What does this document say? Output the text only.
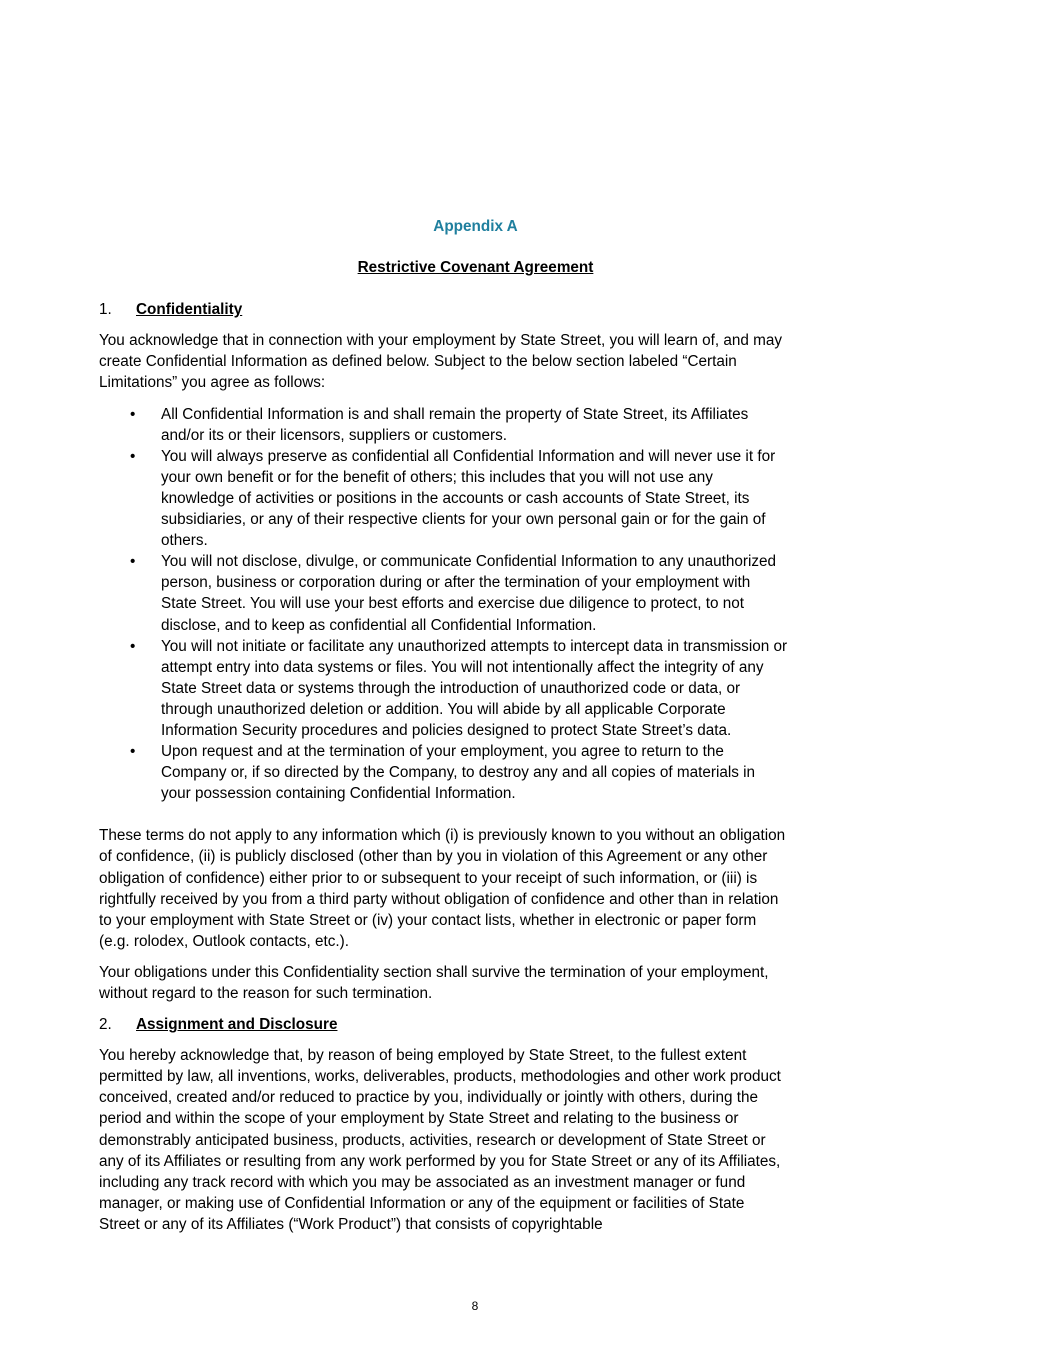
Appendix A
Restrictive Covenant Agreement
1. Confidentiality

You acknowledge that in connection with your employment by State Street, you will learn of, and may create Confidential Information as defined below. Subject to the below section labeled “Certain Limitations” you agree as follows:

• All Confidential Information is and shall remain the property of State Street, its Affiliates and/or its or their licensors, suppliers or customers.
• You will always preserve as confidential all Confidential Information and will never use it for your own benefit or for the benefit of others; this includes that you will not use any knowledge of activities or positions in the accounts or cash accounts of State Street, its subsidiaries, or any of their respective clients for your own personal gain or for the gain of others.
• You will not disclose, divulge, or communicate Confidential Information to any unauthorized person, business or corporation during or after the termination of your employment with State Street. You will use your best efforts and exercise due diligence to protect, to not disclose, and to keep as confidential all Confidential Information.
• You will not initiate or facilitate any unauthorized attempts to intercept data in transmission or attempt entry into data systems or files. You will not intentionally affect the integrity of any State Street data or systems through the introduction of unauthorized code or data, or through unauthorized deletion or addition. You will abide by all applicable Corporate Information Security procedures and policies designed to protect State Street’s data.
• Upon request and at the termination of your employment, you agree to return to the Company or, if so directed by the Company, to destroy any and all copies of materials in your possession containing Confidential Information.

These terms do not apply to any information which (i) is previously known to you without an obligation of confidence, (ii) is publicly disclosed (other than by you in violation of this Agreement or any other obligation of confidence) either prior to or subsequent to your receipt of such information, or (iii) is rightfully received by you from a third party without obligation of confidence and other than in relation to your employment with State Street or (iv) your contact lists, whether in electronic or paper form (e.g. rolodex, Outlook contacts, etc.).

Your obligations under this Confidentiality section shall survive the termination of your employment, without regard to the reason for such termination.

2. Assignment and Disclosure

You hereby acknowledge that, by reason of being employed by State Street, to the fullest extent permitted by law, all inventions, works, deliverables, products, methodologies and other work product conceived, created and/or reduced to practice by you, individually or jointly with others, during the period and within the scope of your employment by State Street and relating to the business or demonstrably anticipated business, products, activities, research or development of State Street or any of its Affiliates or resulting from any work performed by you for State Street or any of its Affiliates, including any track record with which you may be associated as an investment manager or fund manager, or making use of Confidential Information or any of the equipment or facilities of State Street or any of its Affiliates (“Work Product”) that consists of copyrightable

8
